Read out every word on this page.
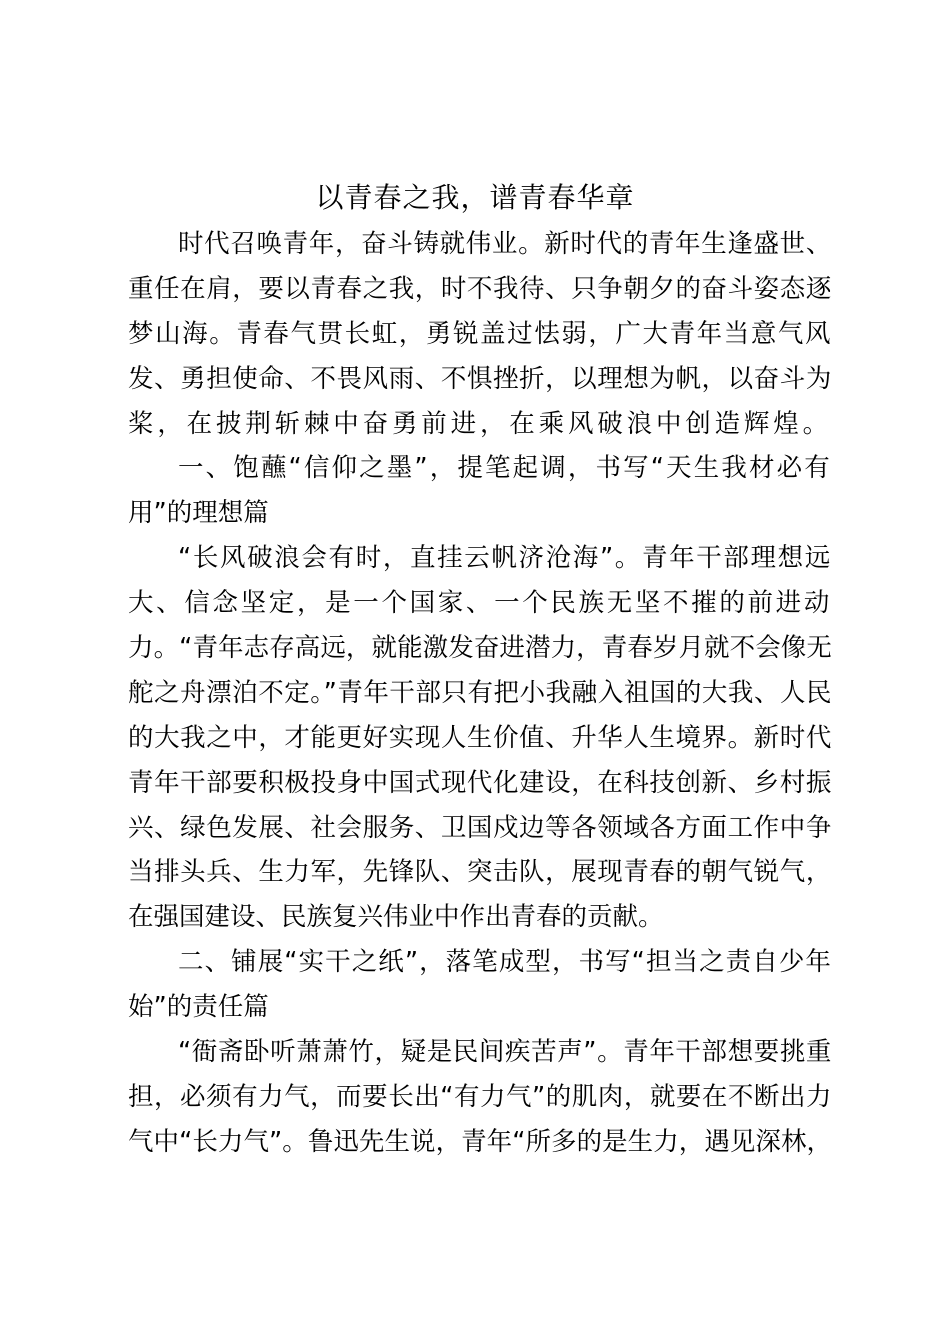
以青春之我，谱青春华章
时代召唤青年，奋斗铸就伟业。新时代的青年生逢盛世、
重任在肩，要以青春之我，时不我待、只争朝夕的奋斗姿态逐
梦山海。青春气贯长虹，勇锐盖过怯弱，广大青年当意气风
发、勇担使命、不畏风雨、不惧挫折，以理想为帆，以奋斗为
桨，在披荆斩棘中奋勇前进，在乘风破浪中创造辉煌。
一、饱蘸“信仰之墨”，提笔起调，书写“天生我材必有
用”的理想篇
“长风破浪会有时，直挂云帆济沧海”。青年干部理想远
大、信念坚定，是一个国家、一个民族无坚不摧的前进动
力。“青年志存高远，就能激发奋进潜力，青春岁月就不会像无
舵之舟漂泊不定。”青年干部只有把小我融入祖国的大我、人民
的大我之中，才能更好实现人生价值、升华人生境界。新时代
青年干部要积极投身中国式现代化建设，在科技创新、乡村振
兴、绿色发展、社会服务、卫国戍边等各领域各方面工作中争
当排头兵、生力军，先锋队、突击队，展现青春的朝气锐气，
在强国建设、民族复兴伟业中作出青春的贡献。
二、铺展“实干之纸”，落笔成型，书写“担当之责自少年
始”的责任篇
“衙斋卧听萧萧竹，疑是民间疾苦声”。青年干部想要挑重
担，必须有力气，而要长出“有力气”的肌肉，就要在不断出力
气中“长力气”。鲁迅先生说，青年“所多的是生力，遇见深林，
